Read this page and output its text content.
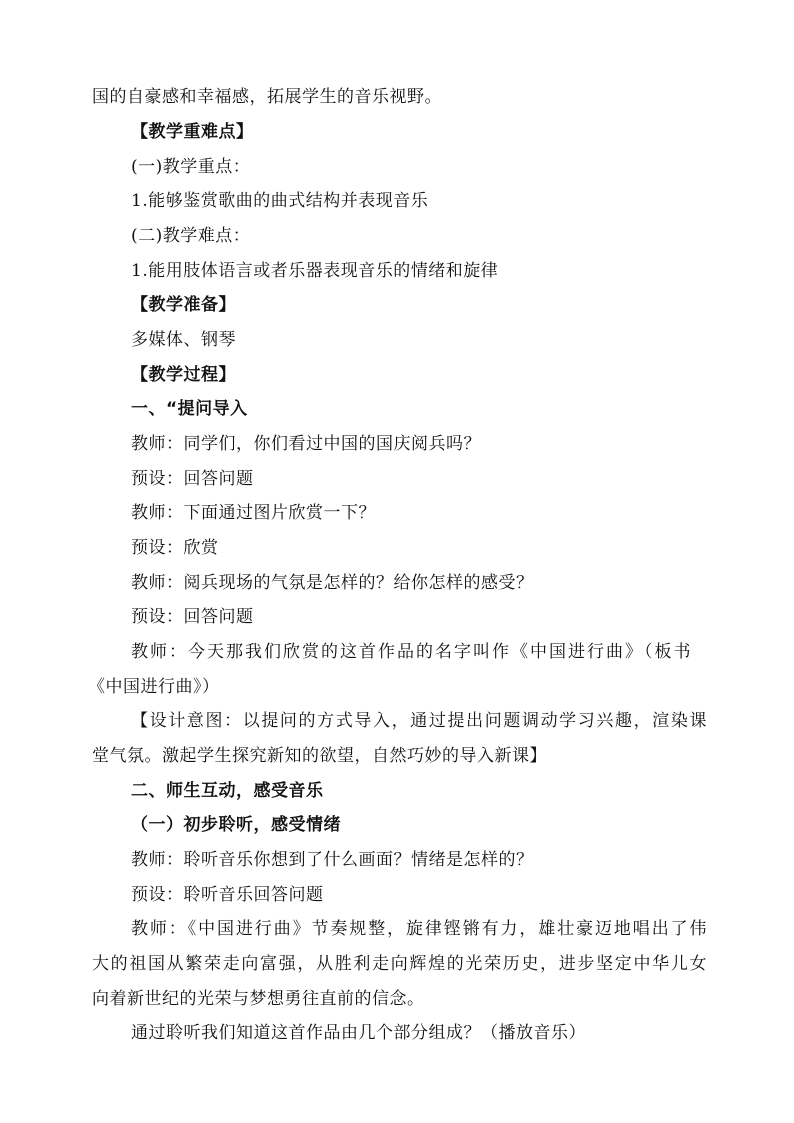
国的自豪感和幸福感，拓展学生的音乐视野。
【教学重难点】
(一)教学重点：
1.能够鉴赏歌曲的曲式结构并表现音乐
(二)教学难点：
1.能用肢体语言或者乐器表现音乐的情绪和旋律
【教学准备】
多媒体、钢琴
【教学过程】
一、“提问导入
教师：同学们，你们看过中国的国庆阅兵吗？
预设：回答问题
教师：下面通过图片欣赏一下？
预设：欣赏
教师：阅兵现场的气氛是怎样的？给你怎样的感受？
预设：回答问题
教师：今天那我们欣赏的这首作品的名字叫作《中国进行曲》（板书
《中国进行曲》）
【设计意图：以提问的方式导入，通过提出问题调动学习兴趣，渲染课
堂气氛。激起学生探究新知的欲望，自然巧妙的导入新课】
二、师生互动，感受音乐
（一）初步聆听，感受情绪
教师：聆听音乐你想到了什么画面？情绪是怎样的？
预设：聆听音乐回答问题
教师：《中国进行曲》节奏规整，旋律铿锵有力，雄壮豪迈地唱出了伟
大的祖国从繁荣走向富强，从胜利走向辉煌的光荣历史，进步坚定中华儿女
向着新世纪的光荣与梦想勇往直前的信念。
通过聆听我们知道这首作品由几个部分组成？（播放音乐）
